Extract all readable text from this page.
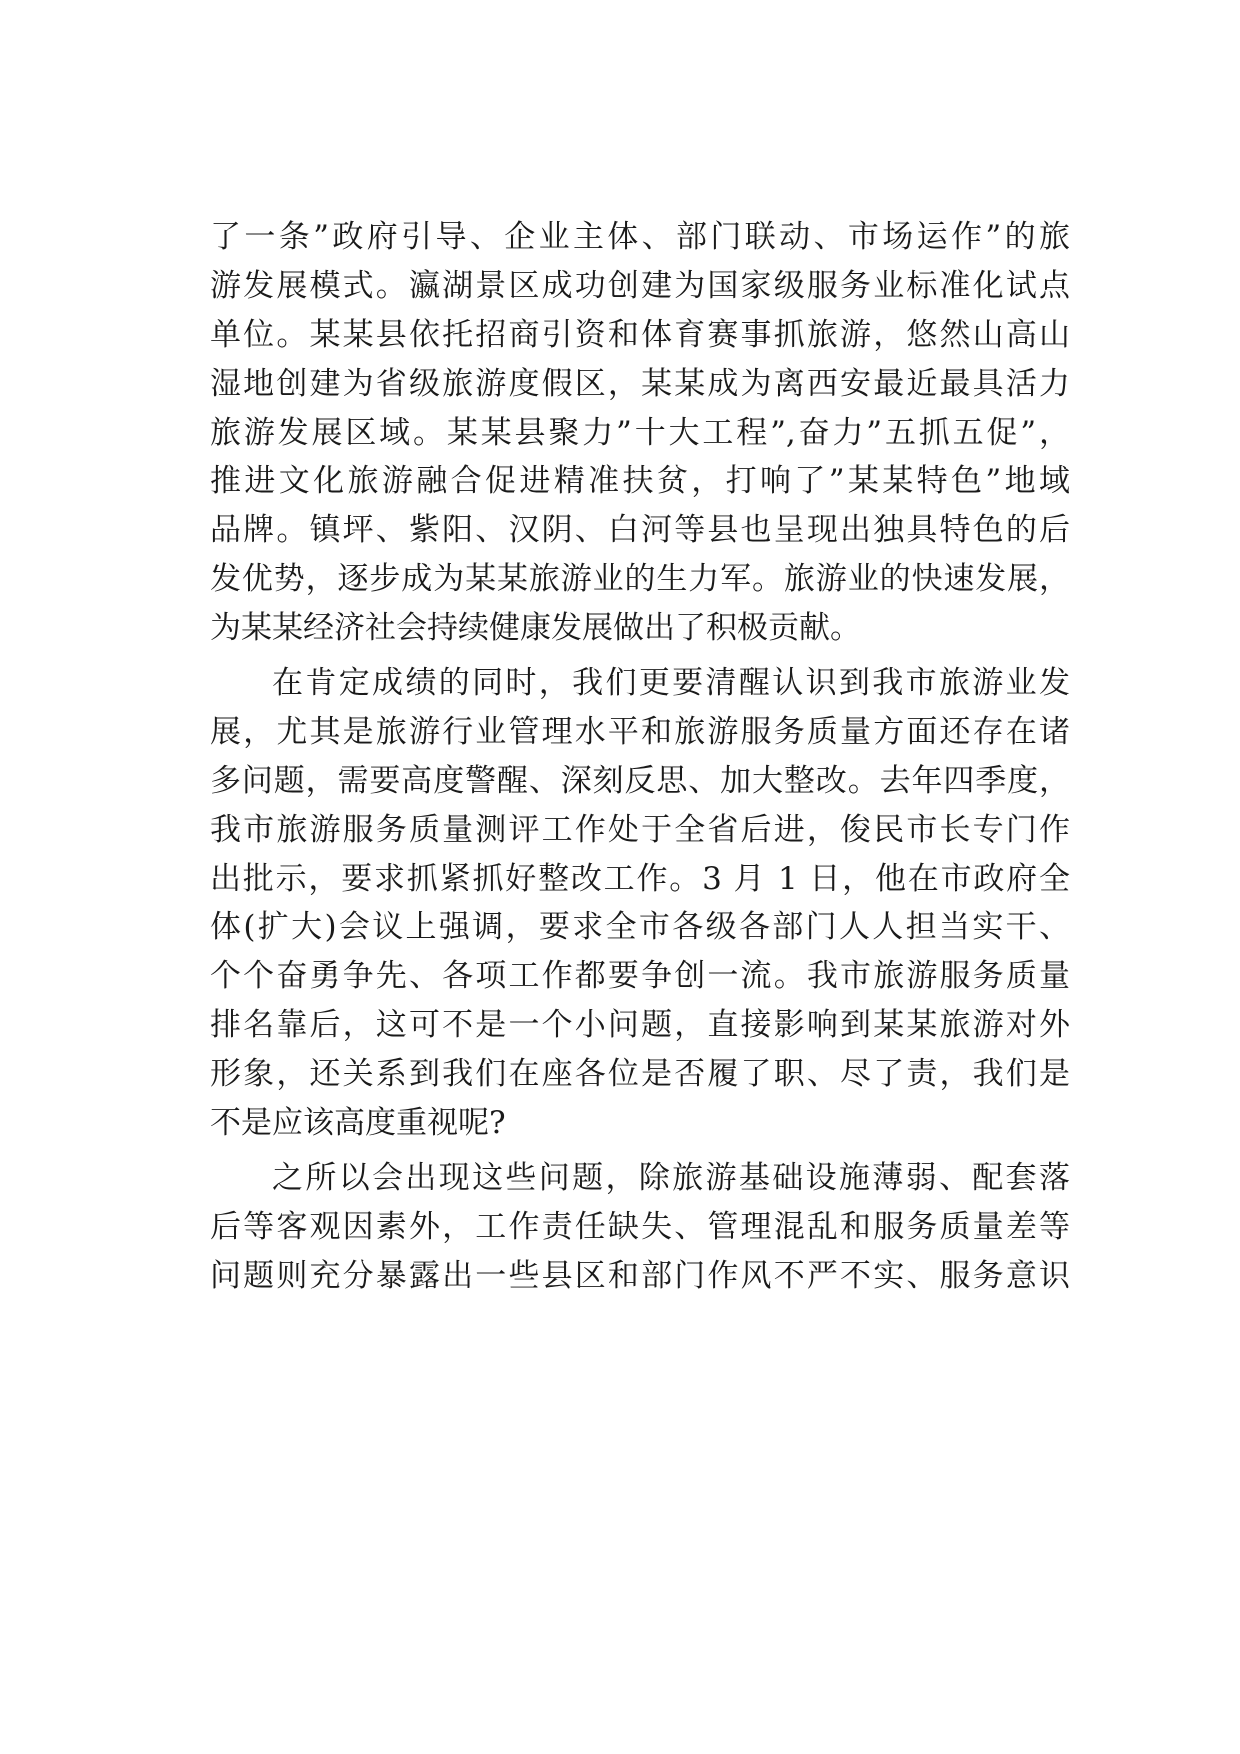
了一条”政府引导、企业主体、部门联动、市场运作”的旅
游发展模式。瀛湖景区成功创建为国家级服务业标准化试点
单位。某某县依托招商引资和体育赛事抓旅游，悠然山高山
湿地创建为省级旅游度假区，某某成为离西安最近最具活力
旅游发展区域。某某县聚力”十大工程”,奋力”五抓五促”，
推进文化旅游融合促进精准扶贫，打响了”某某特色”地域
品牌。镇坪、紫阳、汉阴、白河等县也呈现出独具特色的后
发优势，逐步成为某某旅游业的生力军。旅游业的快速发展，
为某某经济社会持续健康发展做出了积极贡献。
在肯定成绩的同时，我们更要清醒认识到我市旅游业发
展，尤其是旅游行业管理水平和旅游服务质量方面还存在诸
多问题，需要高度警醒、深刻反思、加大整改。去年四季度，
我市旅游服务质量测评工作处于全省后进，俊民市长专门作
出批示，要求抓紧抓好整改工作。3 月 1 日，他在市政府全
体(扩大)会议上强调，要求全市各级各部门人人担当实干、
个个奋勇争先、各项工作都要争创一流。我市旅游服务质量
排名靠后，这可不是一个小问题，直接影响到某某旅游对外
形象，还关系到我们在座各位是否履了职、尽了责，我们是
不是应该高度重视呢?
之所以会出现这些问题，除旅游基础设施薄弱、配套落
后等客观因素外，工作责任缺失、管理混乱和服务质量差等
问题则充分暴露出一些县区和部门作风不严不实、服务意识
